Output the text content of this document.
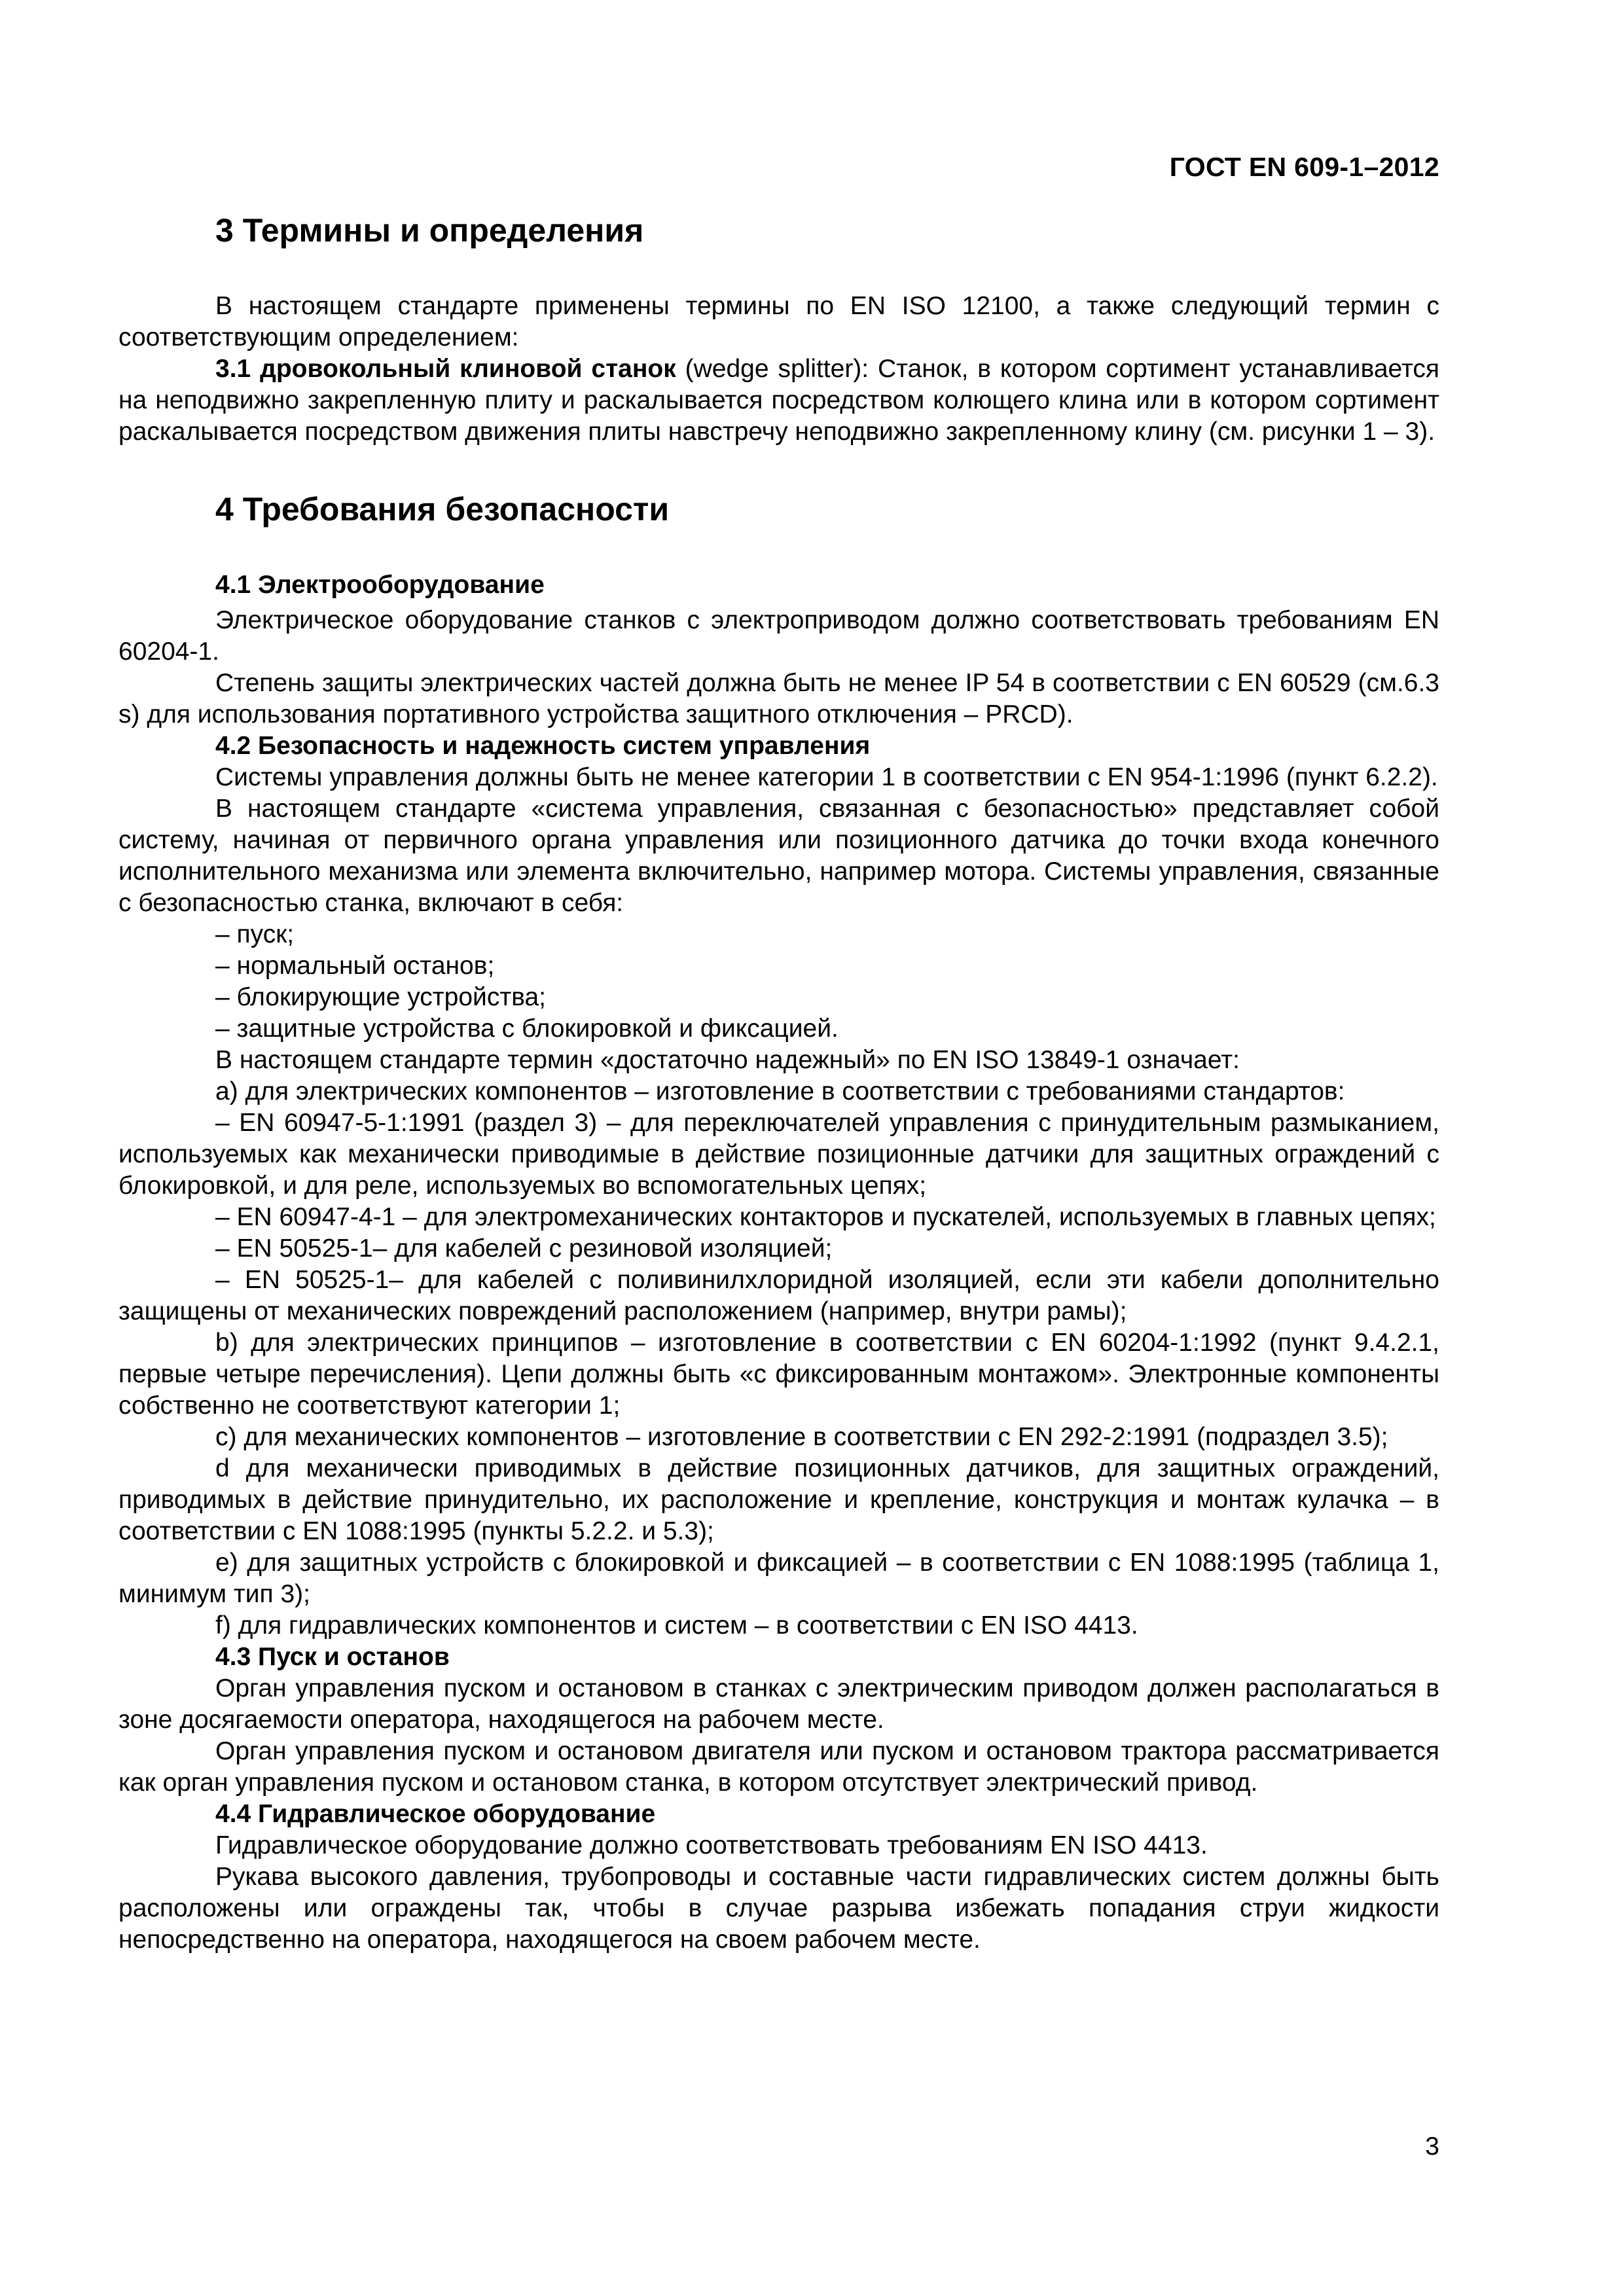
ГОСТ EN 609-1–2012
3 Термины и определения

В настоящем стандарте применены термины по EN ISO 12100, а также следующий термин с соответствующим определением:

3.1 дровокольный клиновой станок (wedge splitter): Станок, в котором сортимент устанавливается на неподвижно закрепленную плиту и раскалывается посредством колющего клина или в котором сортимент раскалывается посредством движения плиты навстречу неподвижно закрепленному клину (см. рисунки 1 – 3).

4 Требования безопасности
4.1 Электрооборудование

Электрическое оборудование станков с электроприводом должно соответствовать требованиям EN 60204-1.

Степень защиты электрических частей должна быть не менее IP 54 в соответствии с EN 60529 (см.6.3 s) для использования портативного устройства защитного отключения – PRCD).

4.2 Безопасность и надежность систем управления

Системы управления должны быть не менее категории 1 в соответствии с EN 954-1:1996 (пункт 6.2.2).

В настоящем стандарте «система управления, связанная с безопасностью» представляет собой систему, начиная от первичного органа управления или позиционного датчика до точки входа конечного исполнительного механизма или элемента включительно, например мотора. Системы управления, связанные с безопасностью станка, включают в себя:

– пуск;

– нормальный останов;

– блокирующие устройства;

– защитные устройства с блокировкой и фиксацией.

В настоящем стандарте термин «достаточно надежный» по EN ISO 13849-1 означает:

а) для электрических компонентов – изготовление в соответствии с требованиями стандартов:

– EN 60947-5-1:1991 (раздел 3) – для переключателей управления с принудительным размыканием, используемых как механически приводимые в действие позиционные датчики для защитных ограждений с блокировкой, и для реле, используемых во вспомогательных цепях;

– EN 60947-4-1 – для электромеханических контакторов и пускателей, используемых в главных цепях;

– EN 50525-1– для кабелей с резиновой изоляцией;

– EN 50525-1– для кабелей с поливинилхлоридной изоляцией, если эти кабели дополнительно защищены от механических повреждений расположением (например, внутри рамы);

b) для электрических принципов – изготовление в соответствии с EN 60204-1:1992 (пункт 9.4.2.1, первые четыре перечисления). Цепи должны быть «с фиксированным монтажом». Электронные компоненты собственно не соответствуют категории 1;

c) для механических компонентов – изготовление в соответствии с EN 292-2:1991 (подраздел 3.5);

d для механически приводимых в действие позиционных датчиков, для защитных ограждений, приводимых в действие принудительно, их расположение и крепление, конструкция и монтаж кулачка – в соответствии с EN 1088:1995 (пункты 5.2.2. и 5.3);

е) для защитных устройств с блокировкой и фиксацией – в соответствии с EN 1088:1995 (таблица 1, минимум тип 3);

f) для гидравлических компонентов и систем – в соответствии с EN ISO 4413.

4.3 Пуск и останов

Орган управления пуском и остановом в станках с электрическим приводом должен располагаться в зоне досягаемости оператора, находящегося на рабочем месте.

Орган управления пуском и остановом двигателя или пуском и остановом трактора рассматривается как орган управления пуском и остановом станка, в котором отсутствует электрический привод.

4.4 Гидравлическое оборудование

Гидравлическое оборудование должно соответствовать требованиям EN ISO 4413.

Рукава высокого давления, трубопроводы и составные части гидравлических систем должны быть расположены или ограждены так, чтобы в случае разрыва избежать попадания струи жидкости непосредственно на оператора, находящегося на своем рабочем месте.

3
